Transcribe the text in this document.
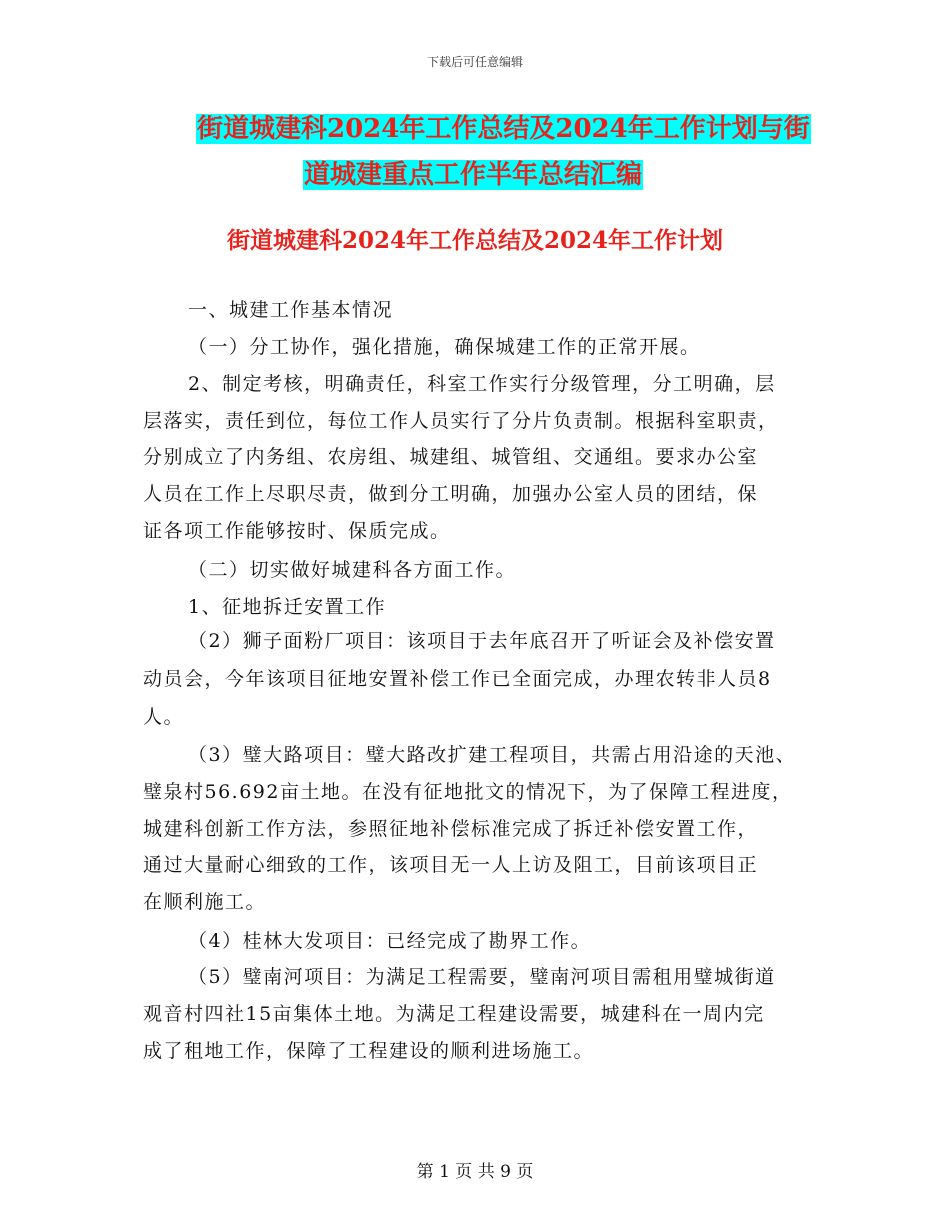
下载后可任意编辑
街道城建科2024年工作总结及2024年工作计划与街
道城建重点工作半年总结汇编
街道城建科2024年工作总结及2024年工作计划
一、城建工作基本情况
（一）分工协作，强化措施，确保城建工作的正常开展。
2、制定考核，明确责任，科室工作实行分级管理，分工明确，层
层落实，责任到位，每位工作人员实行了分片负责制。根据科室职责，
分别成立了内务组、农房组、城建组、城管组、交通组。要求办公室
人员在工作上尽职尽责，做到分工明确，加强办公室人员的团结，保
证各项工作能够按时、保质完成。
（二）切实做好城建科各方面工作。
1、征地拆迁安置工作
（2）狮子面粉厂项目：该项目于去年底召开了听证会及补偿安置
动员会，今年该项目征地安置补偿工作已全面完成，办理农转非人员8
人。
（3）璧大路项目：璧大路改扩建工程项目，共需占用沿途的天池、
璧泉村56.692亩土地。在没有征地批文的情况下，为了保障工程进度，
城建科创新工作方法，参照征地补偿标准完成了拆迁补偿安置工作，
通过大量耐心细致的工作，该项目无一人上访及阻工，目前该项目正
在顺利施工。
（4）桂林大发项目：已经完成了勘界工作。
（5）璧南河项目：为满足工程需要，璧南河项目需租用璧城街道
观音村四社15亩集体土地。为满足工程建设需要，城建科在一周内完
成了租地工作，保障了工程建设的顺利进场施工。
第 1 页 共 9 页
